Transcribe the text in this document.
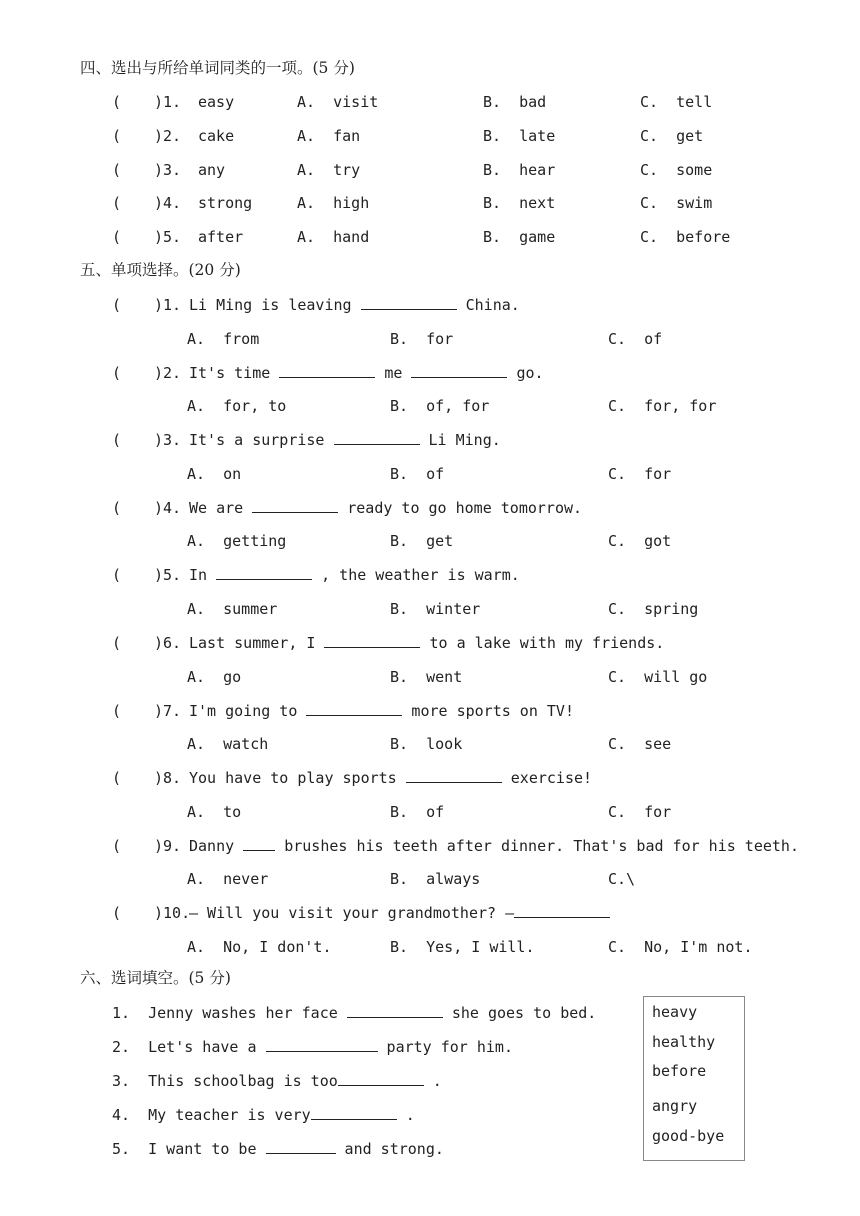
四、选出与所给单词同类的一项。(5 分)
( )1. easy	A.  visit	B.  bad	C.  tell
( )2. cake	A.  fan	B.  late	C.  get
( )3. any	A.  try	B.  hear	C.  some
( )4. strong	A.  high	B.  next	C.  swim
( )5. after	A.  hand	B.  game	C.  before
五、单项选择。(20 分)
( )1. Li Ming is leaving	China.
A.  from	B.  for	C.  of
( )2. It's time	me	go.
A.  for, to	B.  of, for	C.  for, for
( )3. It's a surprise	Li Ming.
A.  on	B.  of	C.  for
( )4. We are	ready to go home tomorrow.
A.  getting	B.  get	C.  got
( )5. In	, the weather is warm.
A.  summer	B.  winter	C.  spring
( )6. Last summer, I	to a lake with my friends.
A.  go	B.  went	C.  will go
( )7. I'm going to	more sports on TV!
A.  watch	B.  look	C.  see
( )8. You have to play sports	exercise!
A.  to	B.  of	C.  for
( )9. Danny  brushes his teeth after dinner. That's bad for his teeth.
A.  never	B.  always	C.\
( )10.
— Will you visit your grandmother? —
A.  No, I don't.	B.  Yes, I will.	C.  No, I'm not.
六、选词填空。(5 分)
1.  Jenny washes her face	she goes to bed.
2.  Let's have a	party for him.
3.  This schoolbag is too	.
4.  My teacher is very	.
5.  I want to be	and strong.
heavy
healthy
before
angry
good-bye
